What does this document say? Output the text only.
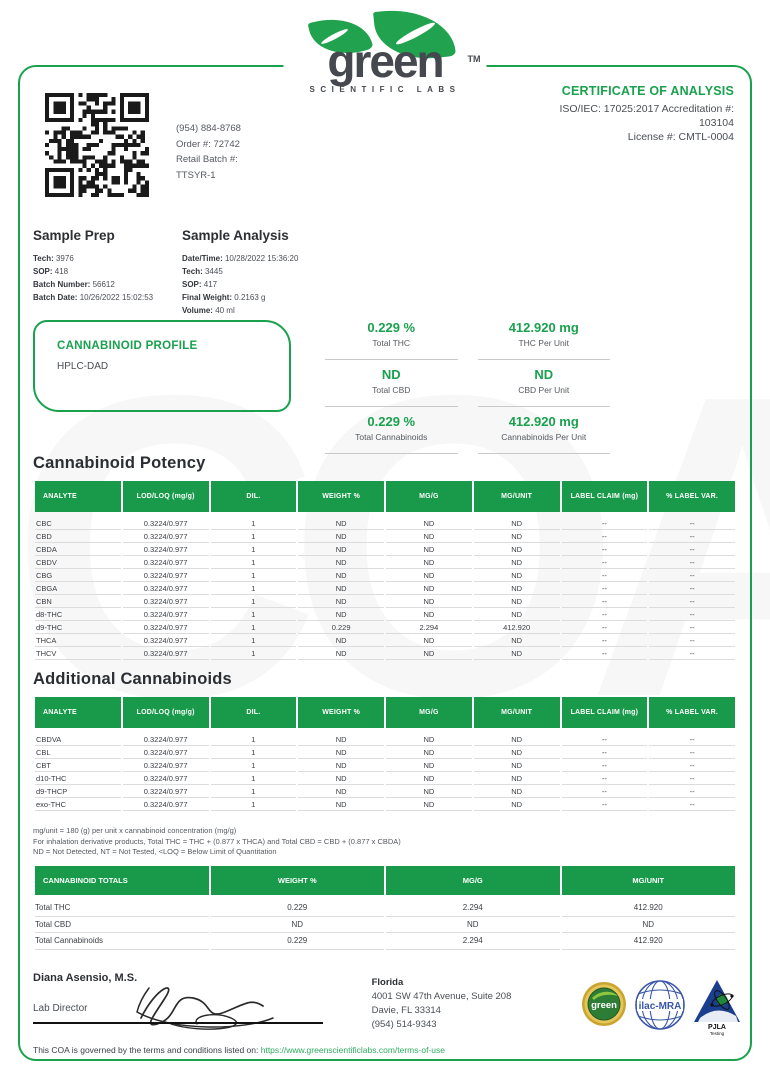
green	TM
SCIENTIFIC LABS	CERTIFICATE OF ANALYSIS
ISO/IEC: 17025:2017 Accreditation #:
103104
License #: CMTL-0004
(954) 884-8768
Order #: 72742
Retail Batch #:
TTSYR-1
Sample Prep
Tech: 3976
SOP: 418
Batch Number: 56612
Batch Date: 10/26/2022 15:02:53
Sample Analysis
Date/Time: 10/28/2022 15:36:20
Tech: 3445
SOP: 417
Final Weight: 0.2163 g
Volume: 40 ml
CANNABINOID PROFILE
HPLC-DAD
0.229 %
Total THC
412.920 mg
THC Per Unit
ND
Total CBD
ND
CBD Per Unit
0.229 %
Total Cannabinoids
412.920 mg
Cannabinoids Per Unit
Cannabinoid Potency
ANALYTE	LOD/LOQ (mg/g)	DIL.	WEIGHT %	MG/G	MG/UNIT	LABEL CLAIM (mg)	% LABEL VAR.
CBC	0.3224/0.977	1	ND	ND	ND	--	--
CBD	0.3224/0.977	1	ND	ND	ND	--	--
CBDA	0.3224/0.977	1	ND	ND	ND	--	--
CBDV	0.3224/0.977	1	ND	ND	ND	--	--
CBG	0.3224/0.977	1	ND	ND	ND	--	--
CBGA	0.3224/0.977	1	ND	ND	ND	--	--
CBN	0.3224/0.977	1	ND	ND	ND	--	--
d8-THC	0.3224/0.977	1	ND	ND	ND	--	--
d9-THC	0.3224/0.977	1	0.229	2.294	412.920	--	--
THCA	0.3224/0.977	1	ND	ND	ND	--	--
THCV	0.3224/0.977	1	ND	ND	ND	--	--
Additional Cannabinoids
ANALYTE	LOD/LOQ (mg/g)	DIL.	WEIGHT %	MG/G	MG/UNIT	LABEL CLAIM (mg)	% LABEL VAR.
CBDVA	0.3224/0.977	1	ND	ND	ND	--	--
CBL	0.3224/0.977	1	ND	ND	ND	--	--
CBT	0.3224/0.977	1	ND	ND	ND	--	--
d10-THC	0.3224/0.977	1	ND	ND	ND	--	--
d9-THCP	0.3224/0.977	1	ND	ND	ND	--	--
exo-THC	0.3224/0.977	1	ND	ND	ND	--	--
mg/unit = 180 (g) per unit x cannabinoid concentration (mg/g)
For inhalation derivative products, Total THC = THC + (0.877 x THCA) and Total CBD = CBD + (0.877 x CBDA)
ND = Not Detected, NT = Not Tested, <LOQ = Below Limit of Quantitation
CANNABINOID TOTALS	WEIGHT %	MG/G	MG/UNIT
Total THC	0.229	2.294	412.920
Total CBD	ND	ND	ND
Total Cannabinoids	0.229	2.294	412.920
Diana Asensio, M.S.
Lab Director
Florida
4001 SW 47th Avenue, Suite 208
Davie, FL 33314
(954) 514-9343
green ilac-MRA
PJLA
Testing
This COA is governed by the terms and conditions listed on: https://www.greenscientificlabs.com/terms-of-use
